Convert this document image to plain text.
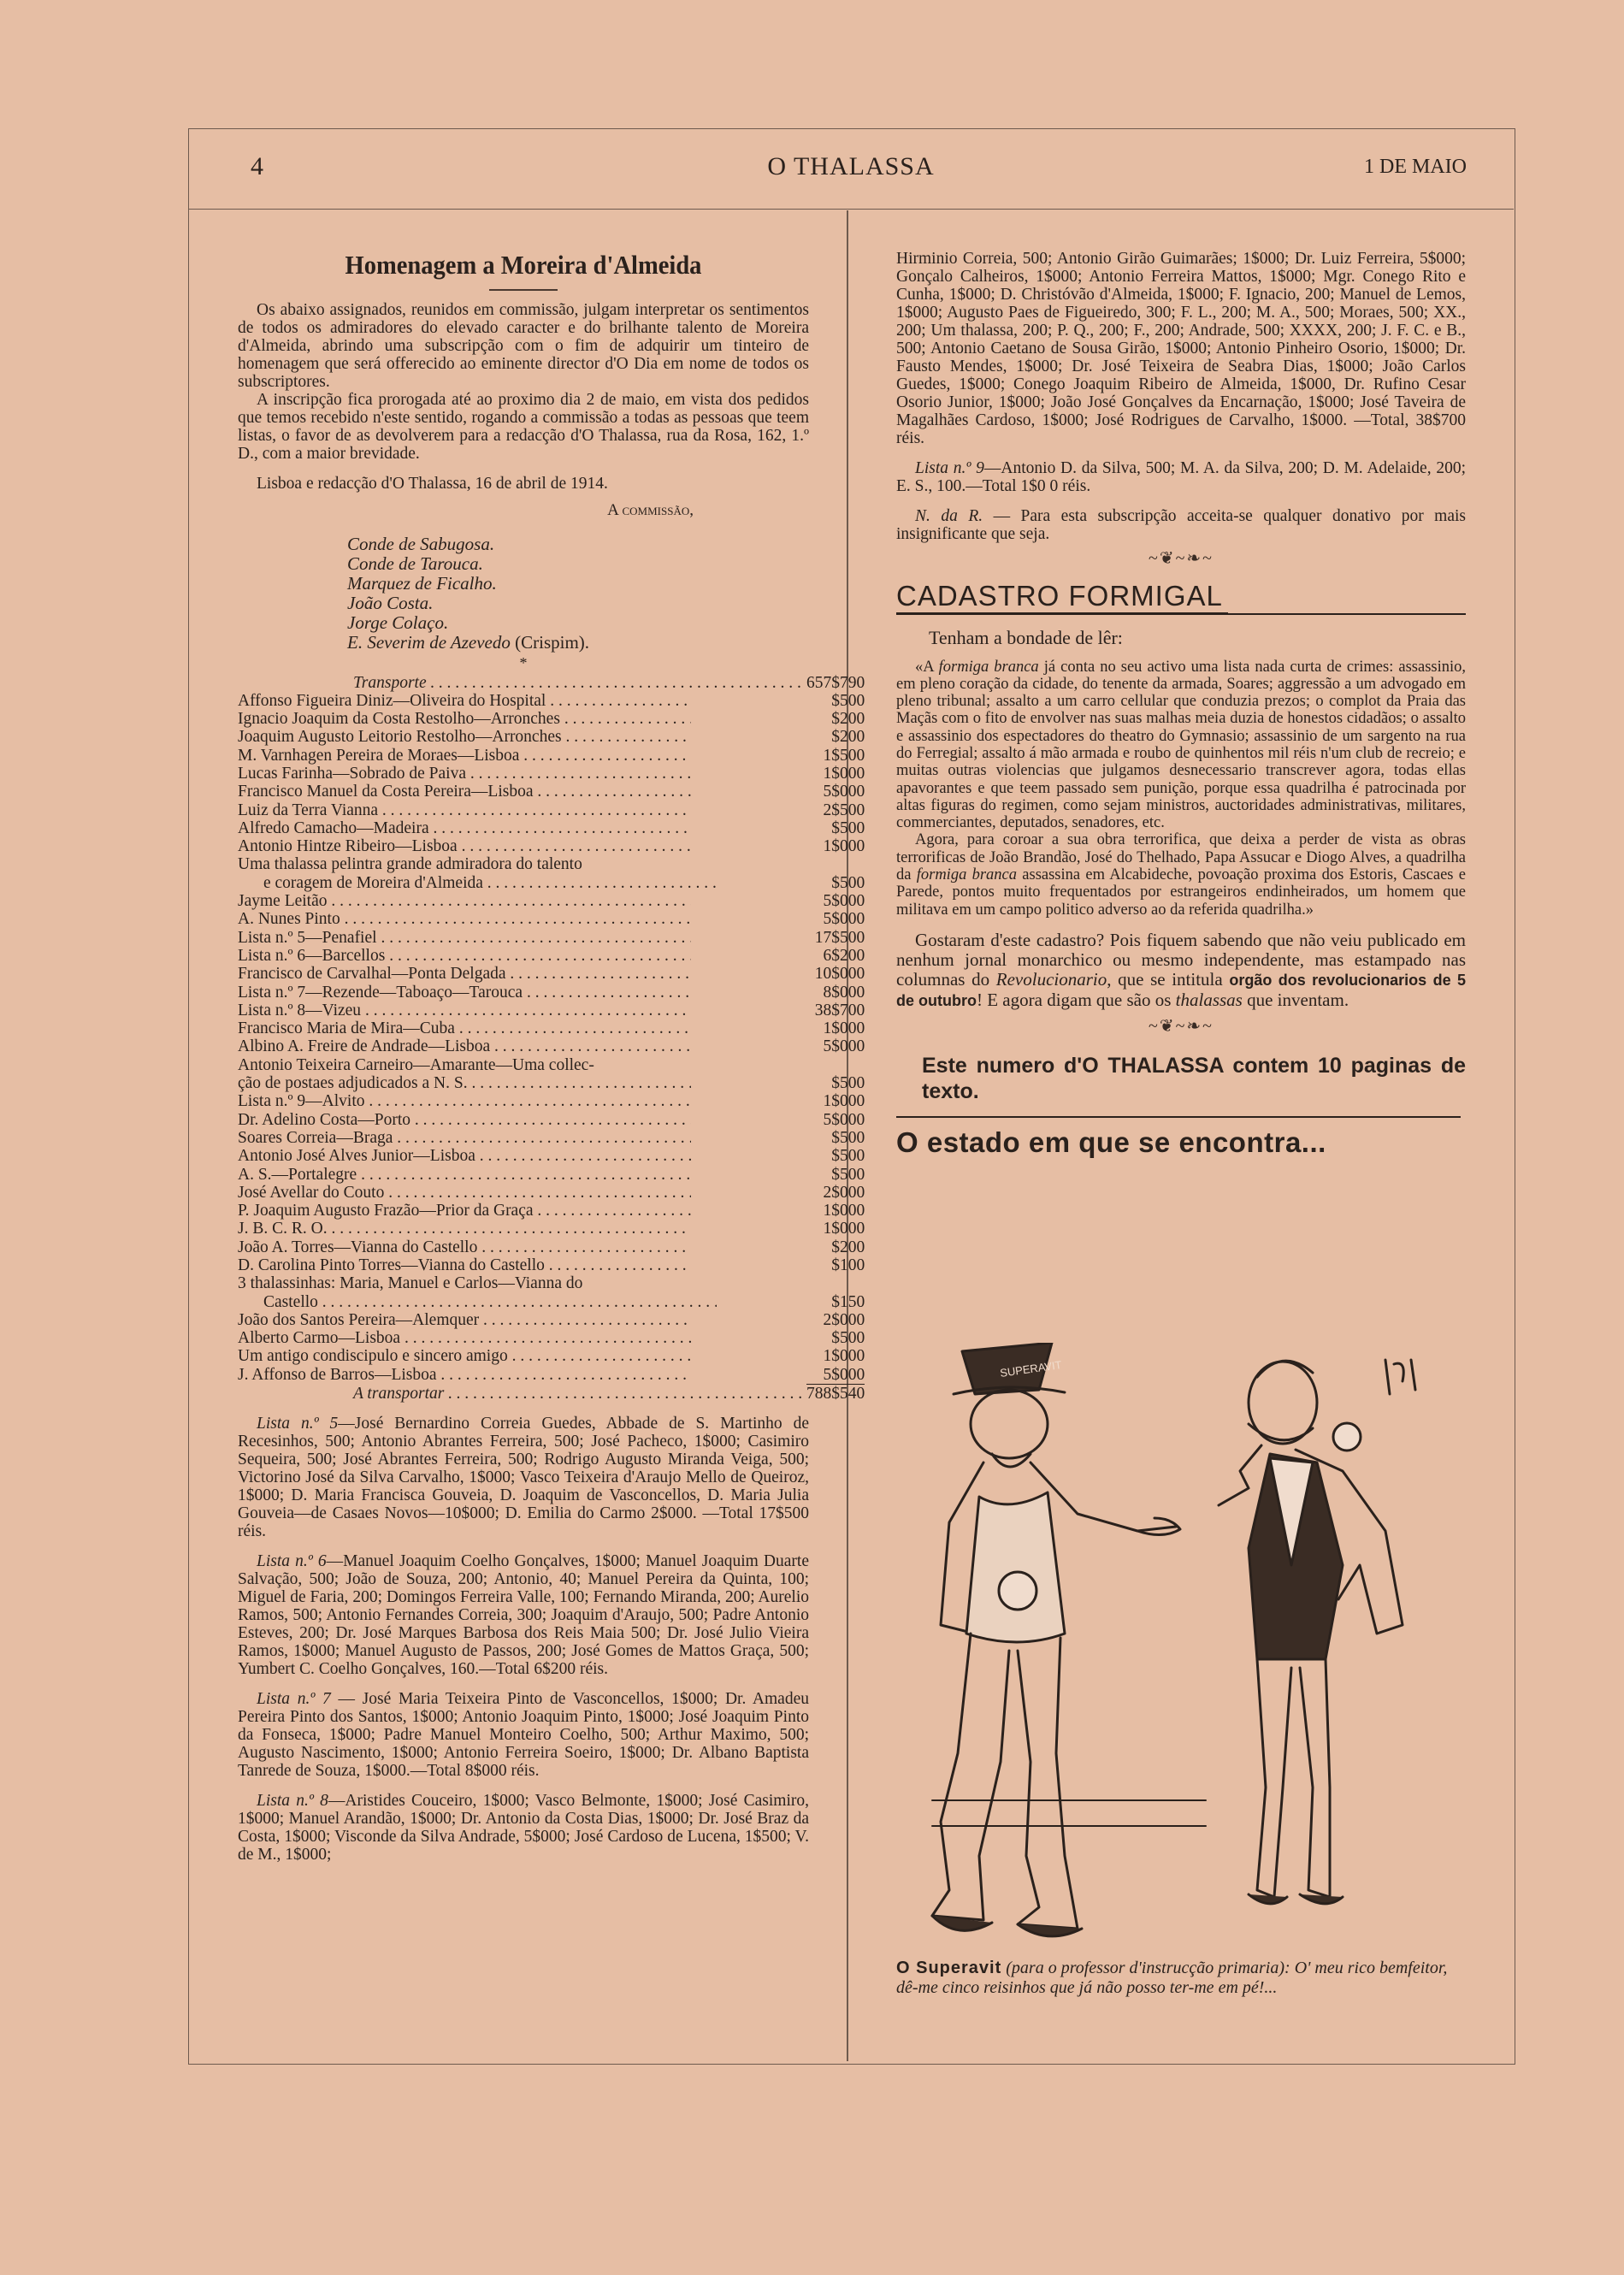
4	O THALASSA	1 DE MAIO

Homenagem a Moreira d'Almeida

Os abaixo assignados, reunidos em commissão, julgam interpretar os sentimentos de todos os admiradores do elevado caracter e do brilhante talento de Moreira d'Almeida, abrindo uma subscripção com o fim de adquirir um tinteiro de homenagem que será offerecido ao eminente director d'O Dia em nome de todos os subscriptores.

A inscripção fica prorogada até ao proximo dia 2 de maio, em vista dos pedidos que temos recebido n'este sentido, rogando a commissão a todas as pessoas que teem listas, o favor de as devolverem para a redacção d'O Thalassa, rua da Rosa, 162, 1.º D., com a maior brevidade.

Lisboa e redacção d'O Thalassa, 16 de abril de 1914.

A commissão,
Conde de Sabugosa.
Conde de Tarouca.
Marquez de Ficalho.
João Costa.
Jorge Colaço.
E. Severim de Azevedo (Crispim).
*
Transporte . . .	657$790

Affonso Figueira Diniz—Oliveira do Hospital . . .	$500

Ignacio Joaquim da Costa Restolho—Arronches . . .	$200

Joaquim Augusto Leitorio Restolho—Arronches . . .	$200

M. Varnhagen Pereira de Moraes—Lisboa . . .	1$500

Lucas Farinha—Sobrado de Paiva . . .	1$000

Francisco Manuel da Costa Pereira—Lisboa . . .	5$000

Luiz da Terra Vianna . . .	2$500

Alfredo Camacho—Madeira . . .	$500

Antonio Hintze Ribeiro—Lisboa . . .	1$000

Uma thalassa pelintra grande admiradora do talento	

e coragem de Moreira d'Almeida . . .	$500

Jayme Leitão . . .	5$000

A. Nunes Pinto . . .	5$000

Lista n.º 5—Penafiel . . .	17$500

Lista n.º 6—Barcellos . . .	6$200

Francisco de Carvalhal—Ponta Delgada . . .	10$000

Lista n.º 7—Rezende—Taboaço—Tarouca . . .	8$000

Lista n.º 8—Vizeu . . .	38$700

Francisco Maria de Mira—Cuba . . .	1$000

Albino A. Freire de Andrade—Lisboa . . .	5$000

Antonio Teixeira Carneiro—Amarante—Uma collec-	

ção de postaes adjudicados a N. S. . . .	$500

Lista n.º 9—Alvito . . .	1$000

Dr. Adelino Costa—Porto . . .	5$000

Soares Correia—Braga . . .	$500

Antonio José Alves Junior—Lisboa . . .	$500

A. S.—Portalegre . . .	$500

José Avellar do Couto . . .	2$000

P. Joaquim Augusto Frazão—Prior da Graça . . .	1$000

J. B. C. R. O. . . .	1$000

João A. Torres—Vianna do Castello . . .	$200

D. Carolina Pinto Torres—Vianna do Castello . . .	$100

3 thalassinhas: Maria, Manuel e Carlos—Vianna do	

Castello . . .	$150

João dos Santos Pereira—Alemquer . . .	2$000

Alberto Carmo—Lisboa . . .	$500

Um antigo condiscipulo e sincero amigo . . .	1$000

J. Affonso de Barros—Lisboa . . .	5$000

A transportar . . .	788$540

Lista n.º 5—José Bernardino Correia Guedes, Abbade de S. Martinho de Recesinhos, 500; Antonio Abrantes Ferreira, 500; José Pacheco, 1$000; Casimiro Sequeira, 500; José Abrantes Ferreira, 500; Rodrigo Augusto Miranda Veiga, 500; Victorino José da Silva Carvalho, 1$000; Vasco Teixeira d'Araujo Mello de Queiroz, 1$000; D. Maria Francisca Gouveia, D. Joaquim de Vasconcellos, D. Maria Julia Gouveia—de Casaes Novos—10$000; D. Emilia do Carmo 2$000. —Total 17$500 réis.

Lista n.º 6—Manuel Joaquim Coelho Gonçalves, 1$000; Manuel Joaquim Duarte Salvação, 500; João de Souza, 200; Antonio, 40; Manuel Pereira da Quinta, 100; Miguel de Faria, 200; Domingos Ferreira Valle, 100; Fernando Miranda, 200; Aurelio Ramos, 500; Antonio Fernandes Correia, 300; Joaquim d'Araujo, 500; Padre Antonio Esteves, 200; Dr. José Marques Barbosa dos Reis Maia 500; Dr. José Julio Vieira Ramos, 1$000; Manuel Augusto de Passos, 200; José Gomes de Mattos Graça, 500; Yumbert C. Coelho Gonçalves, 160.—Total 6$200 réis.

Lista n.º 7 — José Maria Teixeira Pinto de Vasconcellos, 1$000; Dr. Amadeu Pereira Pinto dos Santos, 1$000; Antonio Joaquim Pinto, 1$000; José Joaquim Pinto da Fonseca, 1$000; Padre Manuel Monteiro Coelho, 500; Arthur Maximo, 500; Augusto Nascimento, 1$000; Antonio Ferreira Soeiro, 1$000; Dr. Albano Baptista Tanrede de Souza, 1$000.—Total 8$000 réis.

Lista n.º 8—Aristides Couceiro, 1$000; Vasco Belmonte, 1$000; José Casimiro, 1$000; Manuel Arandão, 1$000; Dr. Antonio da Costa Dias, 1$000; Dr. José Braz da Costa, 1$000; Visconde da Silva Andrade, 5$000; José Cardoso de Lucena, 1$500; V. de M., 1$000;

Hirminio Correia, 500; Antonio Girão Guimarães; 1$000; Dr. Luiz Ferreira, 5$000; Gonçalo Calheiros, 1$000; Antonio Ferreira Mattos, 1$000; Mgr. Conego Rito e Cunha, 1$000; D. Christóvão d'Almeida, 1$000; F. Ignacio, 200; Manuel de Lemos, 1$000; Augusto Paes de Figueiredo, 300; F. L., 200; M. A., 500; Moraes, 500; XX., 200; Um thalassa, 200; P. Q., 200; F., 200; Andrade, 500; XXXX, 200; J. F. C. e B., 500; Antonio Caetano de Sousa Girão, 1$000; Antonio Pinheiro Osorio, 1$000; Dr. Fausto Mendes, 1$000; Dr. José Teixeira de Seabra Dias, 1$000; João Carlos Guedes, 1$000; Conego Joaquim Ribeiro de Almeida, 1$000, Dr. Rufino Cesar Osorio Junior, 1$000; João José Gonçalves da Encarnação, 1$000; José Taveira de Magalhães Cardoso, 1$000; José Rodrigues de Carvalho, 1$000. —Total, 38$700 réis.

Lista n.º 9—Antonio D. da Silva, 500; M. A. da Silva, 200; D. M. Adelaide, 200; E. S., 100.—Total 1$0 0 réis.

N. da R. — Para esta subscripção acceita-se qualquer donativo por mais insignificante que seja.

~❦~❧~
CADASTRO FORMIGAL
Tenham a bondade de lêr:

«A formiga branca já conta no seu activo uma lista nada curta de crimes: assassinio, em pleno coração da cidade, do tenente da armada, Soares; aggressão a um advogado em pleno tribunal; assalto a um carro cellular que conduzia prezos; o complot da Praia das Maçãs com o fito de envolver nas suas malhas meia duzia de honestos cidadãos; o assalto e assassinio dos espectadores do theatro do Gymnasio; assassinio de um sargento na rua do Ferregial; assalto á mão armada e roubo de quinhentos mil réis n'um club de recreio; e muitas outras violencias que julgamos desnecessario transcrever agora, todas ellas apavorantes e que teem passado sem punição, porque essa quadrilha é patrocinada por altas figuras do regimen, como sejam ministros, auctoridades administrativas, militares, commerciantes, deputados, senadores, etc.

Agora, para coroar a sua obra terrorifica, que deixa a perder de vista as obras terrorificas de João Brandão, José do Thelhado, Papa Assucar e Diogo Alves, a quadrilha da formiga branca assassina em Alcabideche, povoação proxima dos Estoris, Cascaes e Parede, pontos muito frequentados por estrangeiros endinheirados, um homem que militava em um campo politico adverso ao da referida quadrilha.»

Gostaram d'este cadastro? Pois fiquem sabendo que não veiu publicado em nenhum jornal monarchico ou mesmo independente, mas estampado nas columnas do Revolucionario, que se intitula orgão dos revolucionarios de 5 de outubro! E agora digam que são os thalassas que inventam.

~❦~❧~
Este numero d'O THALASSA contem 10 paginas de texto.
O estado em que se encontra...
SUPERAVIT
O Superavit (para o professor d'instrucção primaria): O' meu rico bemfeitor, dê-me cinco reisinhos que já não posso ter-me em pé!...
